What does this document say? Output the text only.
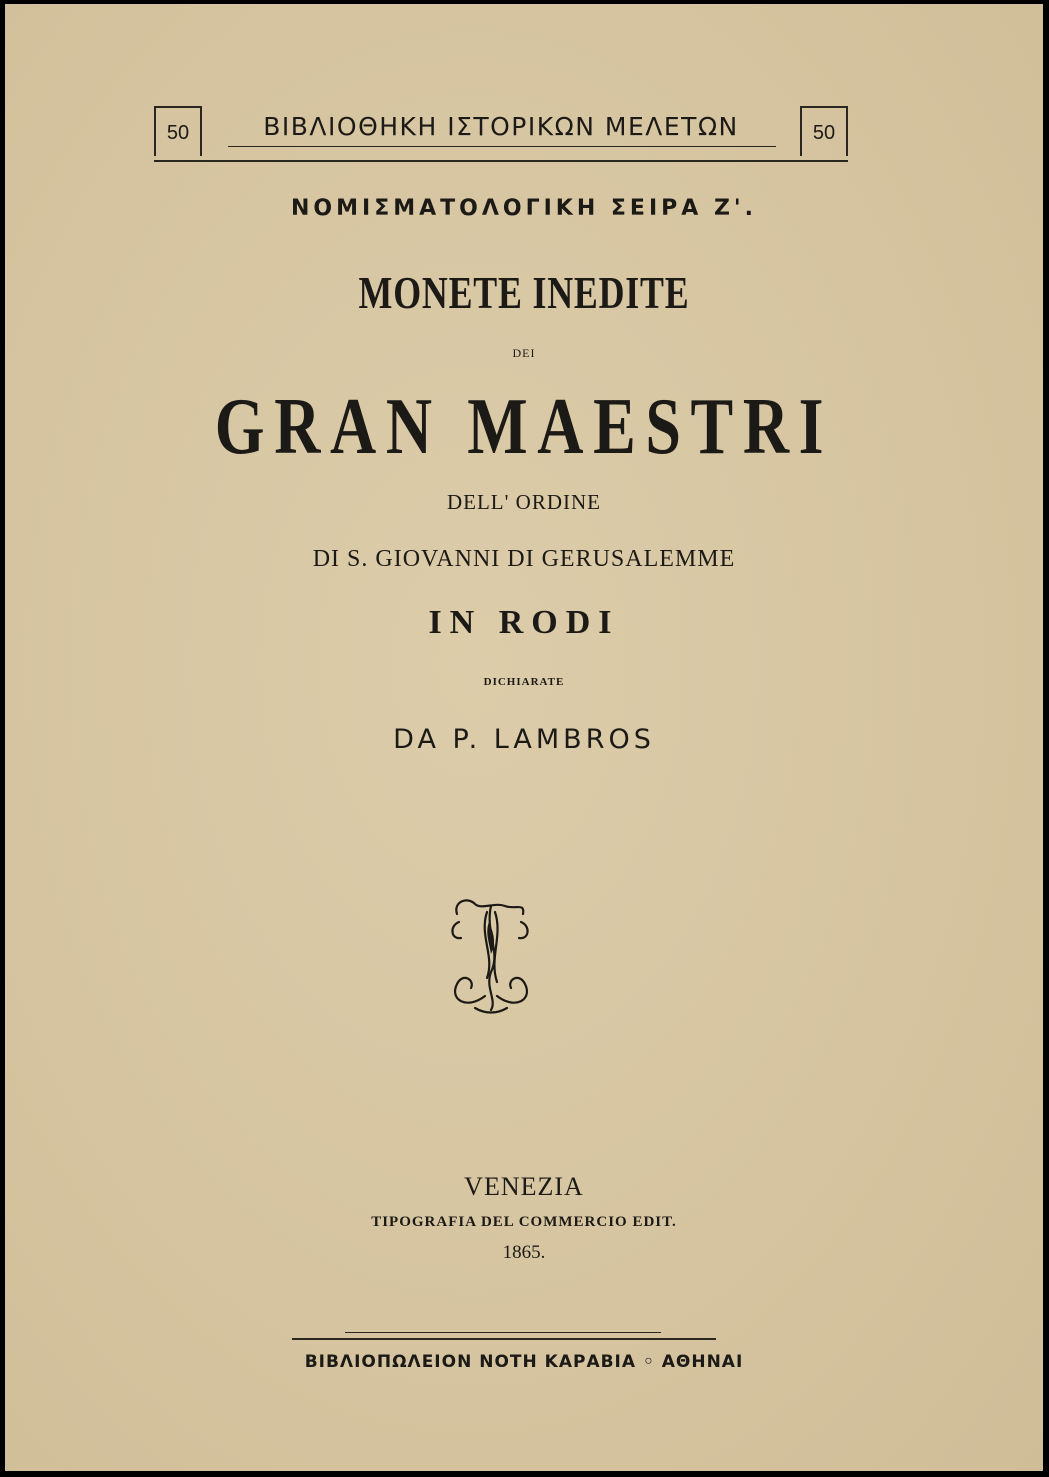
50	ΒΙΒΛΙΟΘΗΚΗ ΙΣΤΟΡΙΚΩΝ ΜΕΛΕΤΩΝ	50
ΝΟΜΙΣΜΑΤΟΛΟΓΙΚΗ ΣΕΙΡΑ Ζ'.
MONETE INEDITE
DEI
GRAN MAESTRI
DELL' ORDINE
DI S. GIOVANNI DI GERUSALEMME
IN RODI
DICHIARATE
DA P. LAMBROS
VENEZIA
TIPOGRAFIA DEL COMMERCIO EDIT.
1865.
ΒΙΒΛΙΟΠΩΛΕΙΟΝ ΝΟΤΗ ΚΑΡΑΒΙΑ ◦ ΑΘΗΝΑΙ
